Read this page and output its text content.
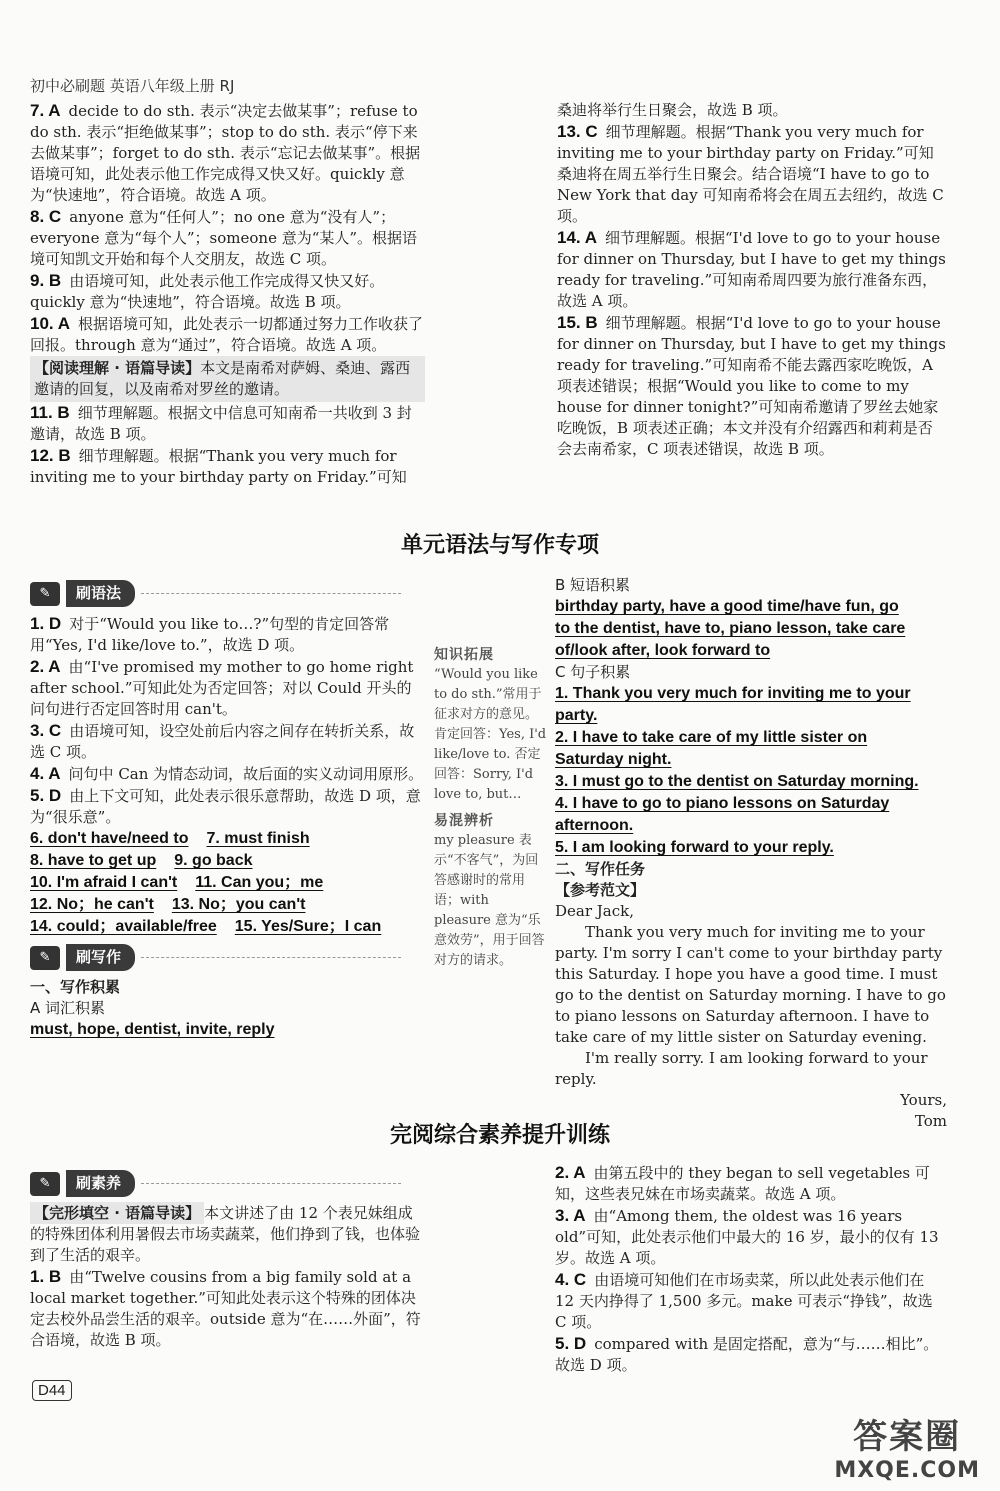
初中必刷题 英语八年级上册 RJ
7. A decide to do sth. 表示“决定去做某事”；refuse to do sth. 表示“拒绝做某事”；stop to do sth. 表示“停下来去做某事”；forget to do sth. 表示“忘记去做某事”。根据语境可知，此处表示他工作完成得又快又好。quickly 意为“快速地”，符合语境。故选 A 项。
8. C anyone 意为“任何人”；no one 意为“没有人”；everyone 意为“每个人”；someone 意为“某人”。根据语境可知凯文开始和每个人交朋友，故选 C 项。
9. B 由语境可知，此处表示他工作完成得又快又好。quickly 意为“快速地”，符合语境。故选 B 项。
10. A 根据语境可知，此处表示一切都通过努力工作收获了回报。through 意为“通过”，符合语境。故选 A 项。
【阅读理解 · 语篇导读】本文是南希对萨姆、桑迪、露西邀请的回复，以及南希对罗丝的邀请。
11. B 细节理解题。根据文中信息可知南希一共收到 3 封邀请，故选 B 项。
12. B 细节理解题。根据“Thank you very much for inviting me to your birthday party on Friday.”可知
桑迪将举行生日聚会，故选 B 项。
13. C 细节理解题。根据“Thank you very much for inviting me to your birthday party on Friday.”可知桑迪将在周五举行生日聚会。结合语境“I have to go to New York that day 可知南希将会在周五去纽约，故选 C 项。
14. A 细节理解题。根据“I'd love to go to your house for dinner on Thursday, but I have to get my things ready for traveling.”可知南希周四要为旅行准备东西，故选 A 项。
15. B 细节理解题。根据“I'd love to go to your house for dinner on Thursday, but I have to get my things ready for traveling.”可知南希不能去露西家吃晚饭，A 项表述错误；根据“Would you like to come to my house for dinner tonight?”可知南希邀请了罗丝去她家吃晚饭，B 项表述正确；本文并没有介绍露西和莉莉是否会去南希家，C 项表述错误，故选 B 项。
单元语法与写作专项
✎	刷语法
1. D 对于“Would you like to…?”句型的肯定回答常用“Yes, I'd like/love to.”，故选 D 项。
2. A 由“I've promised my mother to go home right after school.”可知此处为否定回答；对以 Could 开头的问句进行否定回答时用 can't。
3. C 由语境可知，设空处前后内容之间存在转折关系，故选 C 项。
4. A 问句中 Can 为情态动词，故后面的实义动词用原形。
5. D 由上下文可知，此处表示很乐意帮助，故选 D 项，意为“很乐意”。
6. don't have/need to 7. must finish
8. have to get up 9. go back
10. I'm afraid I can't 11. Can you；me
12. No；he can't 13. No；you can't
14. could；available/free 15. Yes/Sure；I can
✎	刷写作
一、写作积累
A 词汇积累
must, hope, dentist, invite, reply
知识拓展
“Would you like to do sth.”常用于征求对方的意见。肯定回答：Yes, I'd like/love to. 否定回答：Sorry, I'd love to, but…
易混辨析
my pleasure 表示“不客气”，为回答感谢时的常用语；with pleasure 意为“乐意效劳”，用于回答对方的请求。
B 短语积累
birthday party, have a good time/have fun, go
to the dentist, have to, piano lesson, take care
of/look after, look forward to
C 句子积累
1. Thank you very much for inviting me to your
party.
2. I have to take care of my little sister on
Saturday night.
3. I must go to the dentist on Saturday morning.
4. I have to go to piano lessons on Saturday
afternoon.
5. I am looking forward to your reply.
二、写作任务
【参考范文】
Dear Jack,
Thank you very much for inviting me to your party. I'm sorry I can't come to your birthday party this Saturday. I hope you have a good time. I must go to the dentist on Saturday morning. I have to go to piano lessons on Saturday afternoon. I have to take care of my little sister on Saturday evening.
I'm really sorry. I am looking forward to your reply.
Yours,
Tom
完阅综合素养提升训练
✎	刷素养
【完形填空 · 语篇导读】 本文讲述了由 12 个表兄妹组成的特殊团体利用暑假去市场卖蔬菜，他们挣到了钱，也体验到了生活的艰辛。
1. B 由“Twelve cousins from a big family sold at a local market together.”可知此处表示这个特殊的团体决定去校外品尝生活的艰辛。outside 意为“在……外面”，符合语境，故选 B 项。
2. A 由第五段中的 they began to sell vegetables 可知，这些表兄妹在市场卖蔬菜。故选 A 项。
3. A 由“Among them, the oldest was 16 years old”可知，此处表示他们中最大的 16 岁，最小的仅有 13 岁。故选 A 项。
4. C 由语境可知他们在市场卖菜，所以此处表示他们在 12 天内挣得了 1,500 多元。make 可表示“挣钱”，故选 C 项。
5. D compared with 是固定搭配，意为“与……相比”。故选 D 项。
D44
答案圈
MXQE.COM
